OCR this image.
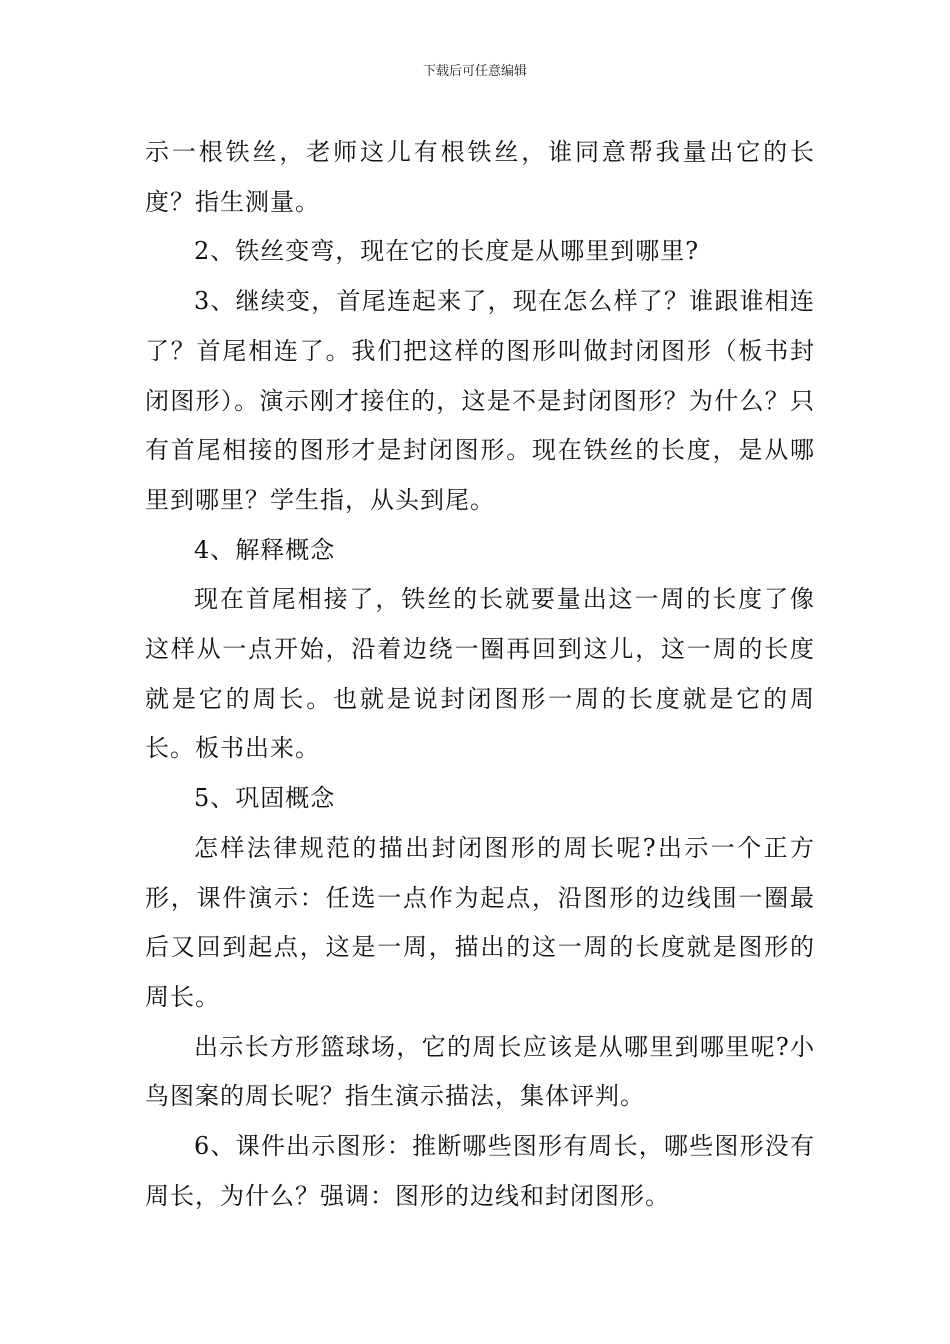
下载后可任意编辑

示一根铁丝，老师这儿有根铁丝，谁同意帮我量出它的长度？指生测量。

2、铁丝变弯，现在它的长度是从哪里到哪里?

3、继续变，首尾连起来了，现在怎么样了？谁跟谁相连了？首尾相连了。我们把这样的图形叫做封闭图形（板书封闭图形）。演示刚才接住的，这是不是封闭图形？为什么？只有首尾相接的图形才是封闭图形。现在铁丝的长度，是从哪里到哪里？学生指，从头到尾。

4、解释概念

现在首尾相接了，铁丝的长就要量出这一周的长度了像这样从一点开始，沿着边绕一圈再回到这儿，这一周的长度就是它的周长。也就是说封闭图形一周的长度就是它的周长。板书出来。

5、巩固概念

怎样法律规范的描出封闭图形的周长呢?出示一个正方形，课件演示：任选一点作为起点，沿图形的边线围一圈最后又回到起点，这是一周，描出的这一周的长度就是图形的周长。

出示长方形篮球场，它的周长应该是从哪里到哪里呢?小鸟图案的周长呢？指生演示描法，集体评判。

6、课件出示图形：推断哪些图形有周长，哪些图形没有周长，为什么？强调：图形的边线和封闭图形。
